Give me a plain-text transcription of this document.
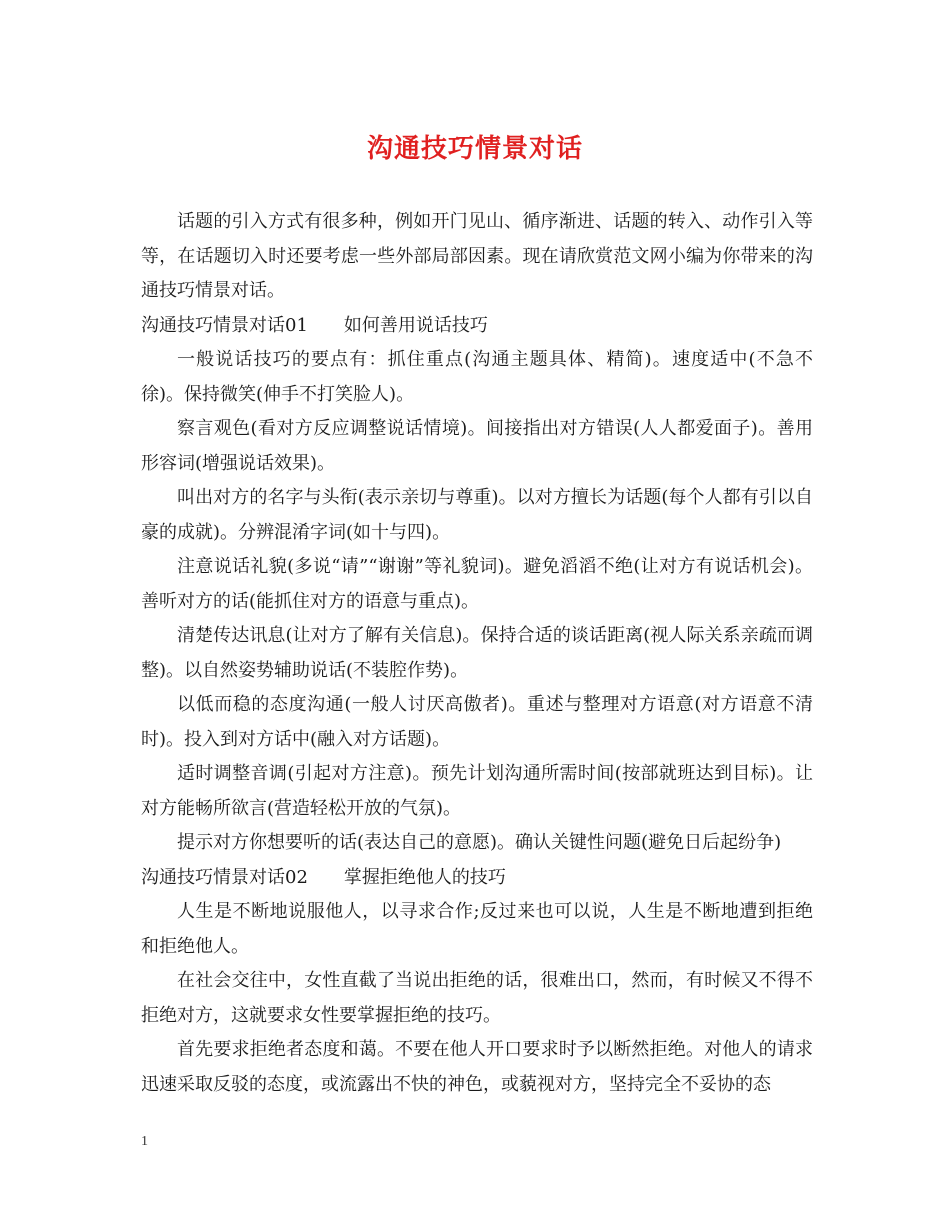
沟通技巧情景对话

话题的引入方式有很多种，例如开门见山、循序渐进、话题的转入、动作引入等等，在话题切入时还要考虑一些外部局部因素。现在请欣赏范文网小编为你带来的沟通技巧情景对话。

沟通技巧情景对话01 如何善用说话技巧

一般说话技巧的要点有：抓住重点(沟通主题具体、精简)。速度适中(不急不徐)。保持微笑(伸手不打笑脸人)。

察言观色(看对方反应调整说话情境)。间接指出对方错误(人人都爱面子)。善用形容词(增强说话效果)。

叫出对方的名字与头衔(表示亲切与尊重)。以对方擅长为话题(每个人都有引以自豪的成就)。分辨混淆字词(如十与四)。

注意说话礼貌(多说“请”“谢谢”等礼貌词)。避免滔滔不绝(让对方有说话机会)。善听对方的话(能抓住对方的语意与重点)。

清楚传达讯息(让对方了解有关信息)。保持合适的谈话距离(视人际关系亲疏而调整)。以自然姿势辅助说话(不装腔作势)。

以低而稳的态度沟通(一般人讨厌高傲者)。重述与整理对方语意(对方语意不清时)。投入到对方话中(融入对方话题)。

适时调整音调(引起对方注意)。预先计划沟通所需时间(按部就班达到目标)。让对方能畅所欲言(营造轻松开放的气氛)。

提示对方你想要听的话(表达自己的意愿)。确认关键性问题(避免日后起纷争)

沟通技巧情景对话02 掌握拒绝他人的技巧

人生是不断地说服他人，以寻求合作;反过来也可以说，人生是不断地遭到拒绝和拒绝他人。

在社会交往中，女性直截了当说出拒绝的话，很难出口，然而，有时候又不得不拒绝对方，这就要求女性要掌握拒绝的技巧。

首先要求拒绝者态度和蔼。不要在他人开口要求时予以断然拒绝。对他人的请求迅速采取反驳的态度，或流露出不快的神色，或藐视对方，坚持完全不妥协的态

1
